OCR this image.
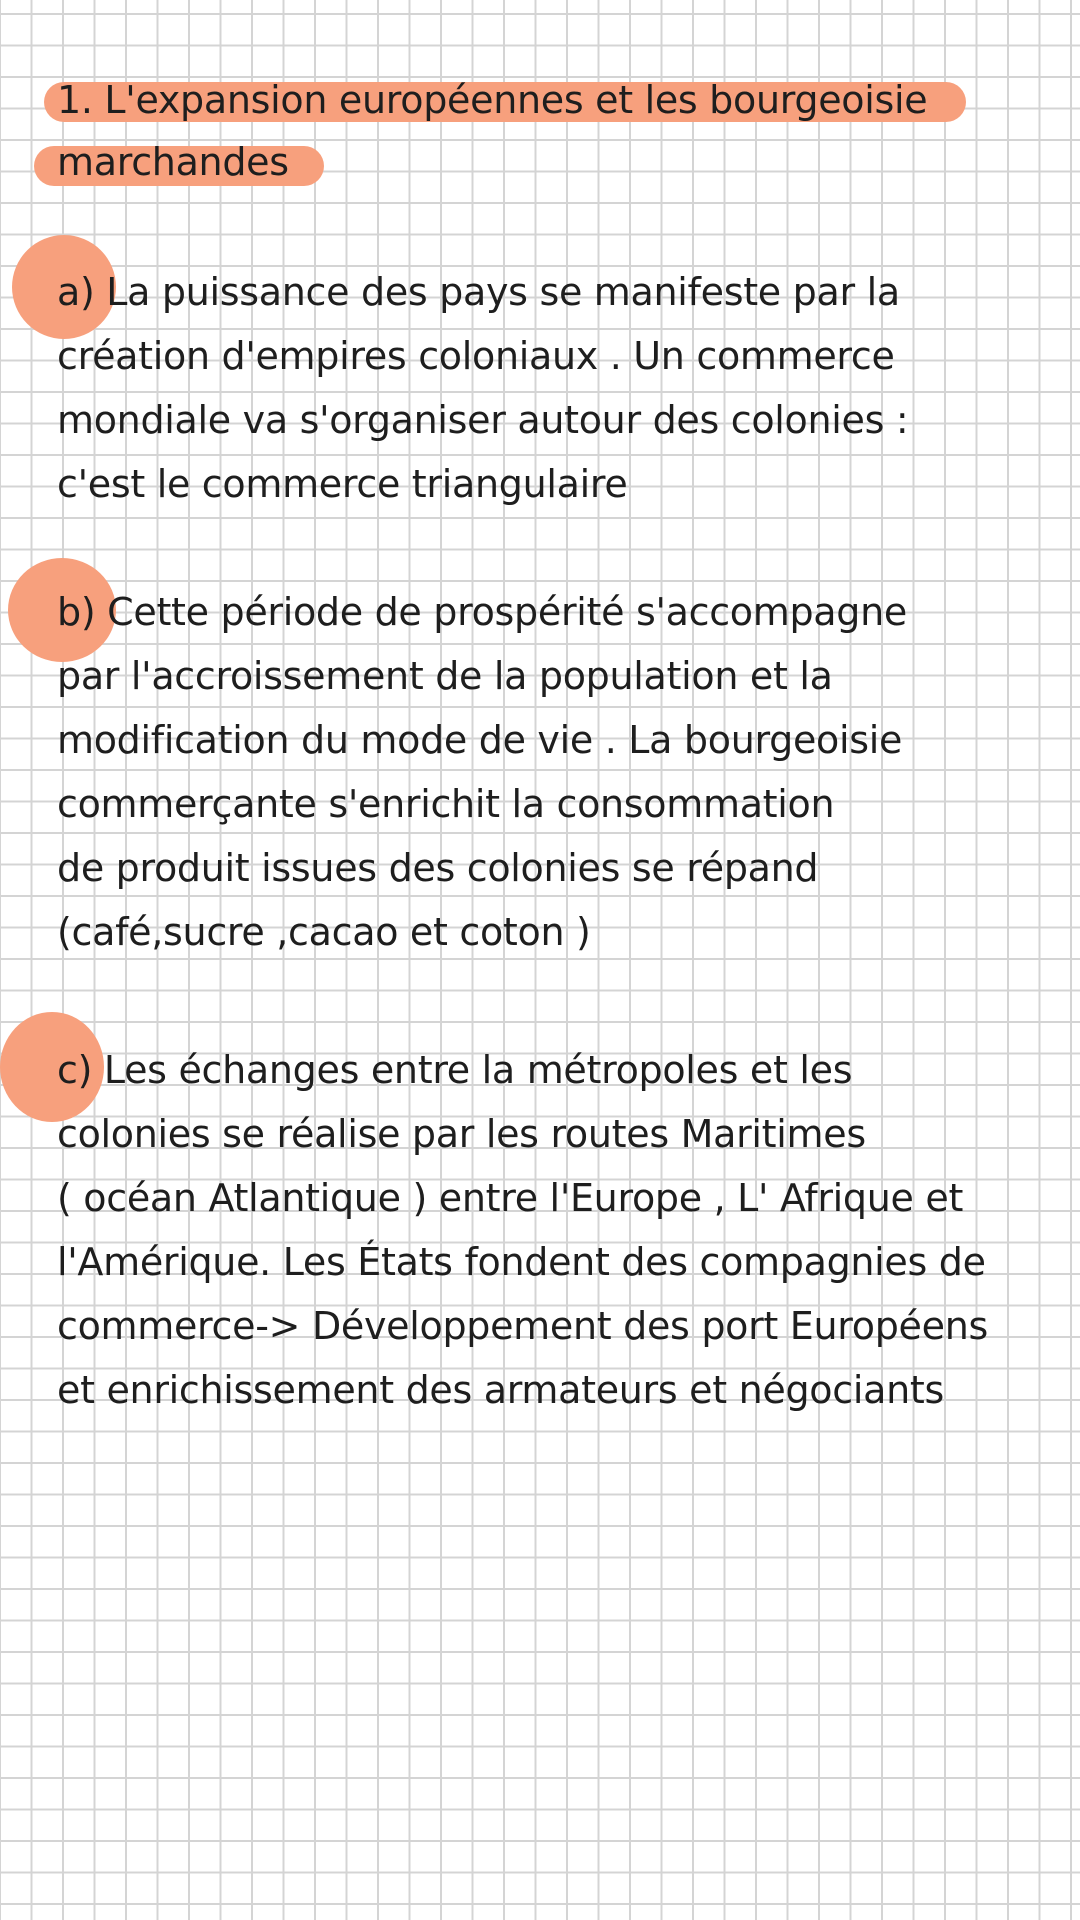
1. L'expansion européennes et les bourgeoisie
marchandes
a) La puissance des pays se manifeste par la
création d'empires coloniaux . Un commerce
mondiale va s'organiser autour des colonies :
c'est le commerce triangulaire
b) Cette période de prospérité s'accompagne
par l'accroissement de la population et la
modification du mode de vie . La bourgeoisie
commerçante s'enrichit la consommation
de produit issues des colonies se répand
(café,sucre ,cacao et coton )
c) Les échanges entre la métropoles et les
colonies se réalise par les routes Maritimes
( océan Atlantique ) entre l'Europe , L' Afrique et
l'Amérique. Les États fondent des compagnies de
commerce-> Développement des port Européens
et enrichissement des armateurs et négociants
